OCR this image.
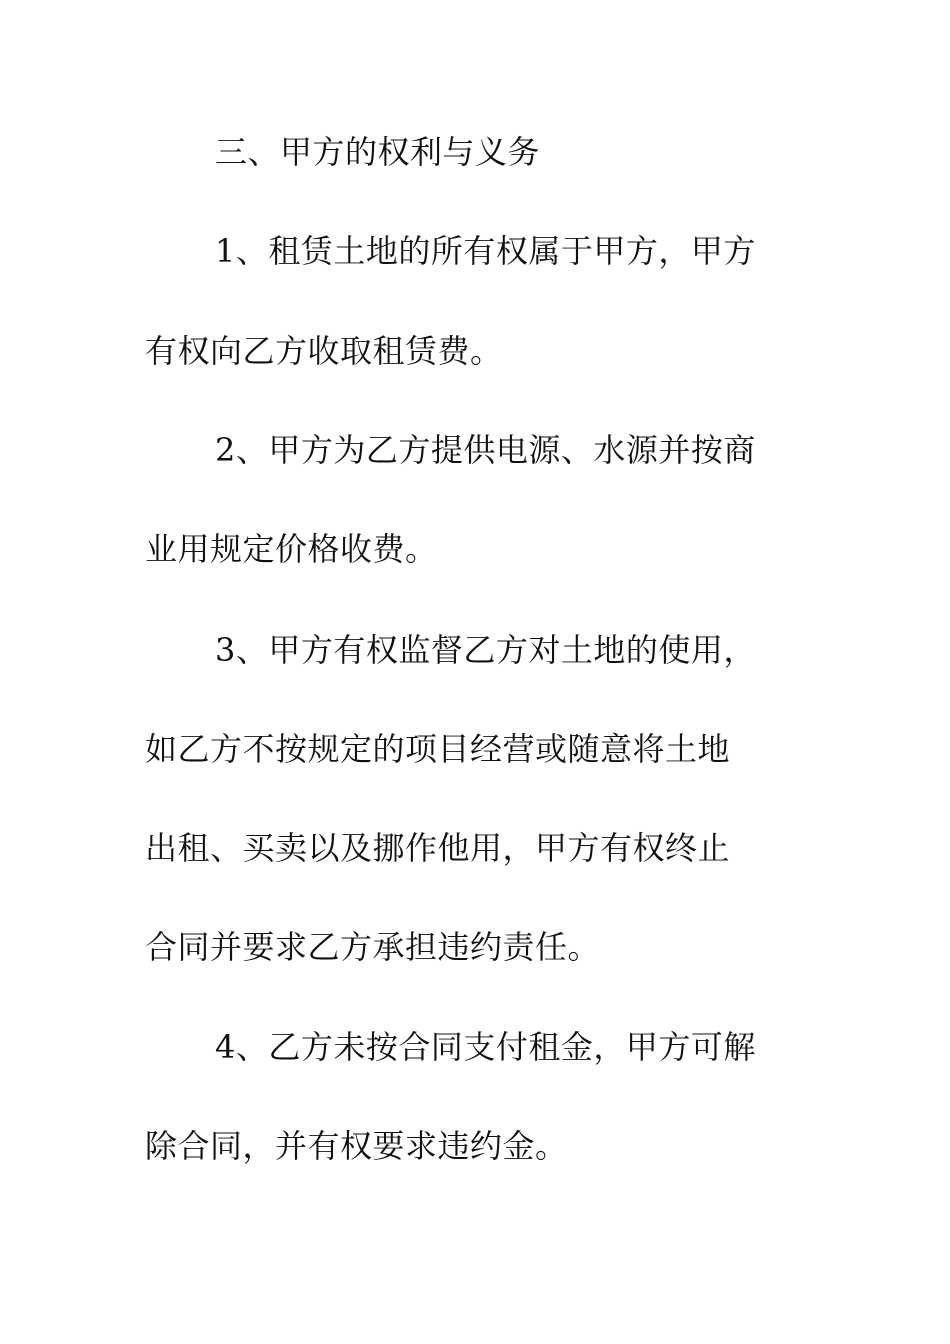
三、甲方的权利与义务
1、租赁土地的所有权属于甲方，甲方
有权向乙方收取租赁费。
2、甲方为乙方提供电源、水源并按商
业用规定价格收费。
3、甲方有权监督乙方对土地的使用，
如乙方不按规定的项目经营或随意将土地
出租、买卖以及挪作他用，甲方有权终止
合同并要求乙方承担违约责任。
4、乙方未按合同支付租金，甲方可解
除合同，并有权要求违约金。
